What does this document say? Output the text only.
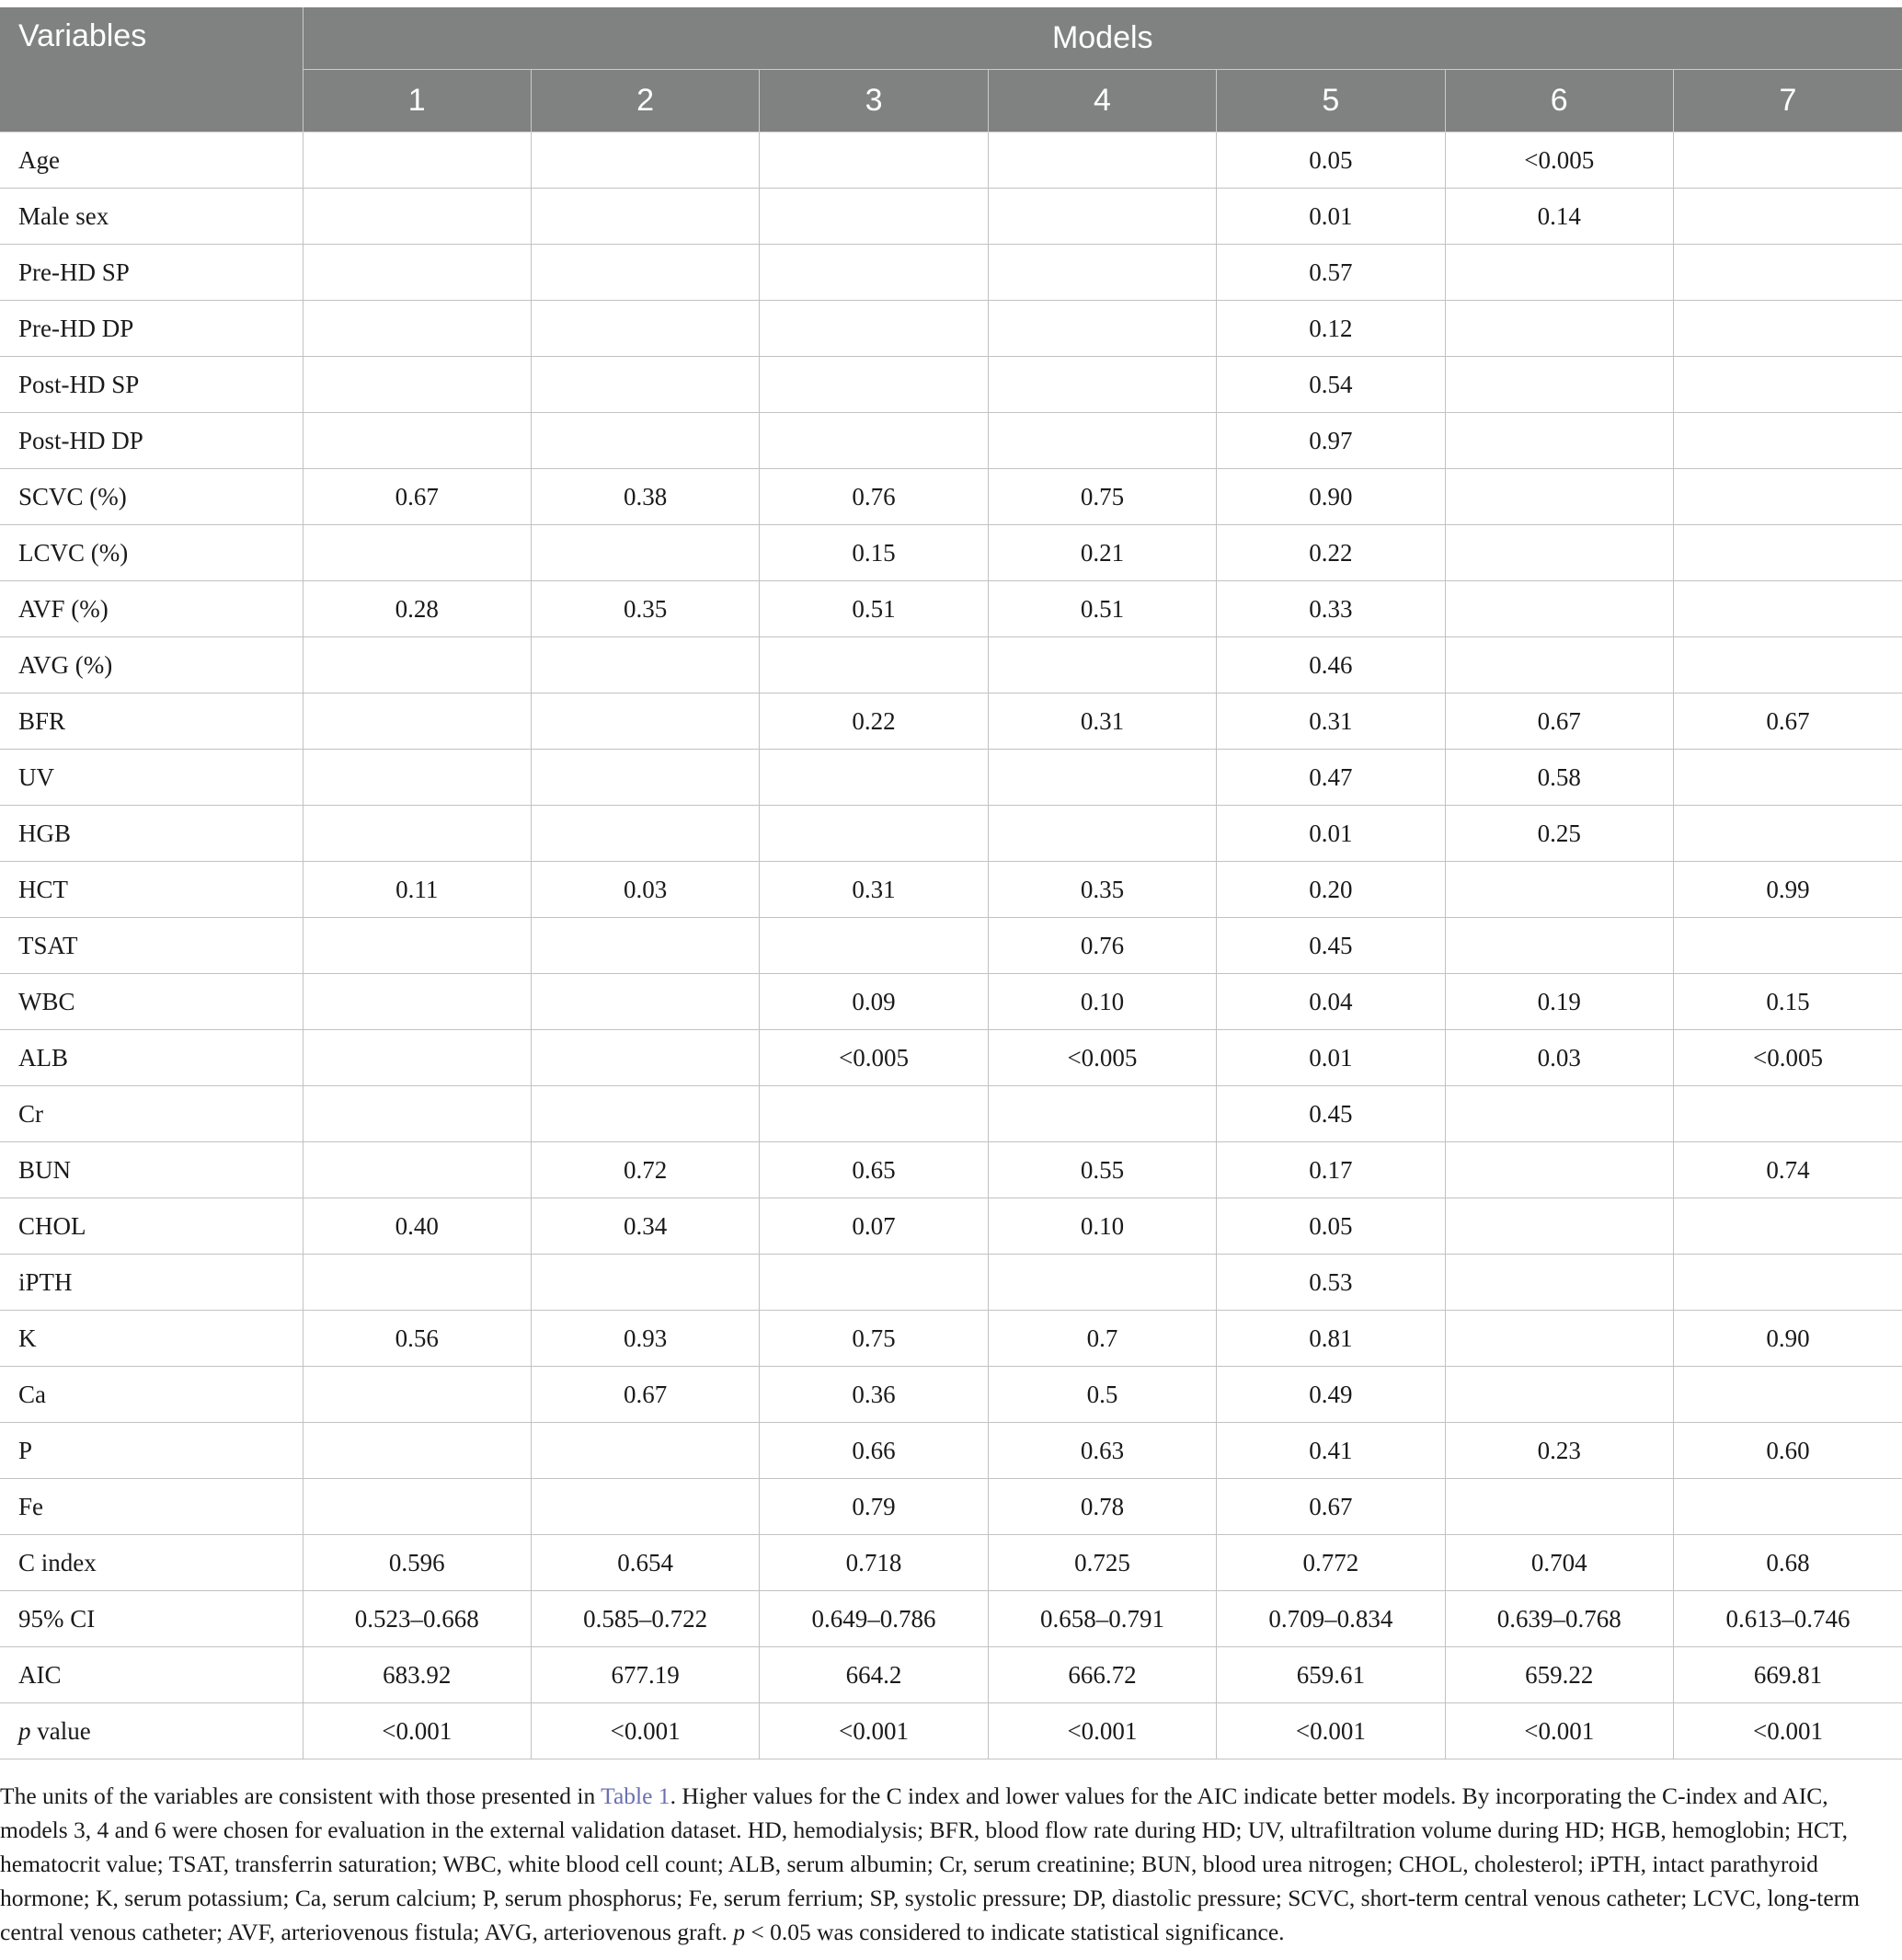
Variables	Models						
	1	2	3	4	5	6	7
Age					0.05	<0.005	
Male sex					0.01	0.14	
Pre-HD SP					0.57		
Pre-HD DP					0.12		
Post-HD SP					0.54		
Post-HD DP					0.97		
SCVC (%)	0.67	0.38	0.76	0.75	0.90		
LCVC (%)			0.15	0.21	0.22		
AVF (%)	0.28	0.35	0.51	0.51	0.33		
AVG (%)					0.46		
BFR			0.22	0.31	0.31	0.67	0.67
UV					0.47	0.58	
HGB					0.01	0.25	
HCT	0.11	0.03	0.31	0.35	0.20		0.99
TSAT				0.76	0.45		
WBC			0.09	0.10	0.04	0.19	0.15
ALB			<0.005	<0.005	0.01	0.03	<0.005
Cr					0.45		
BUN		0.72	0.65	0.55	0.17		0.74
CHOL	0.40	0.34	0.07	0.10	0.05		
iPTH					0.53		
K	0.56	0.93	0.75	0.7	0.81		0.90
Ca		0.67	0.36	0.5	0.49		
P			0.66	0.63	0.41	0.23	0.60
Fe			0.79	0.78	0.67		
C index	0.596	0.654	0.718	0.725	0.772	0.704	0.68
95% CI	0.523–0.668	0.585–0.722	0.649–0.786	0.658–0.791	0.709–0.834	0.639–0.768	0.613–0.746
AIC	683.92	677.19	664.2	666.72	659.61	659.22	669.81
p value	<0.001	<0.001	<0.001	<0.001	<0.001	<0.001	<0.001

The units of the variables are consistent with those presented in Table 1. Higher values for the C index and lower values for the AIC indicate better models. By incorporating the C-index and AIC, models 3, 4 and 6 were chosen for evaluation in the external validation dataset. HD, hemodialysis; BFR, blood flow rate during HD; UV, ultrafiltration volume during HD; HGB, hemoglobin; HCT, hematocrit value; TSAT, transferrin saturation; WBC, white blood cell count; ALB, serum albumin; Cr, serum creatinine; BUN, blood urea nitrogen; CHOL, cholesterol; iPTH, intact parathyroid hormone; K, serum potassium; Ca, serum calcium; P, serum phosphorus; Fe, serum ferrium; SP, systolic pressure; DP, diastolic pressure; SCVC, short-term central venous catheter; LCVC, long-term central venous catheter; AVF, arteriovenous fistula; AVG, arteriovenous graft. p < 0.05 was considered to indicate statistical significance.
